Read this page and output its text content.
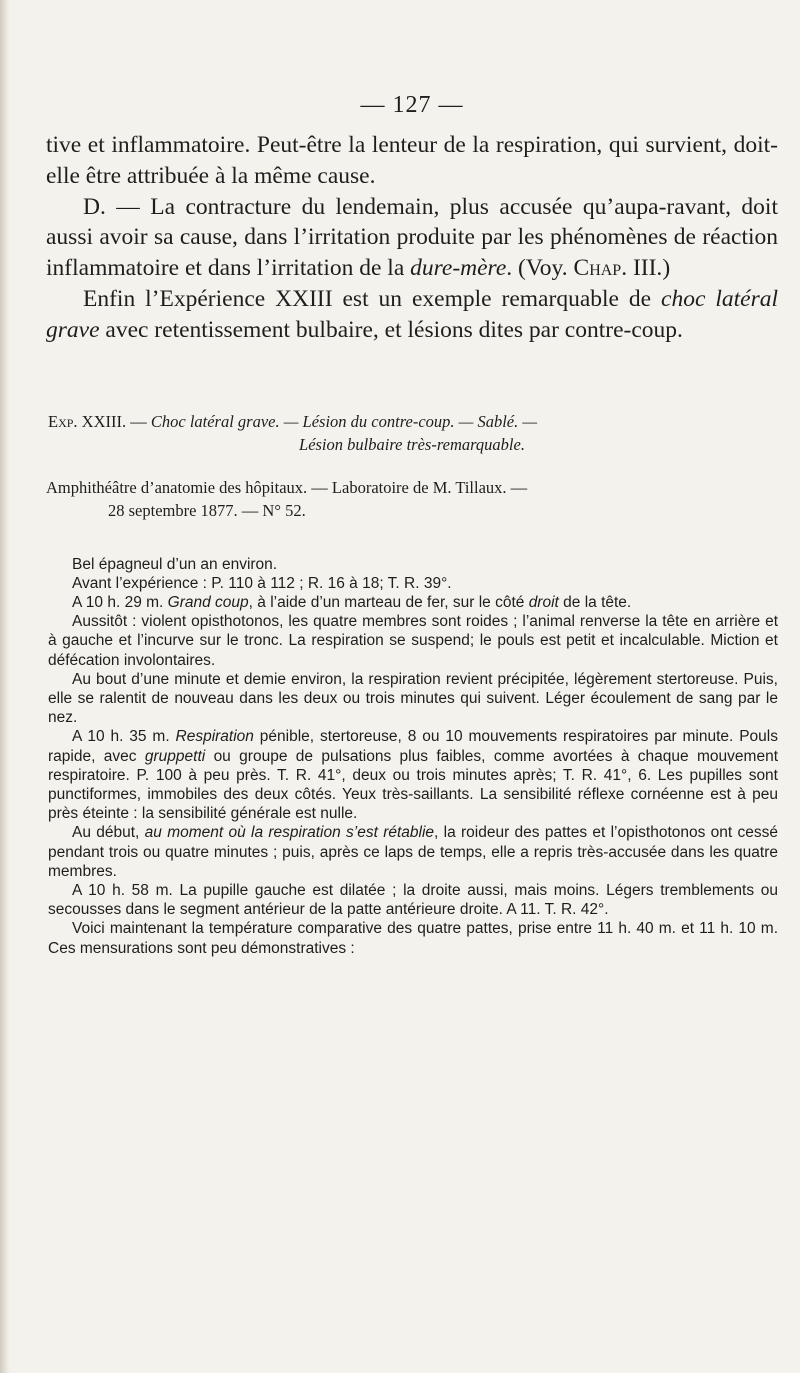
— 127 —

tive et inflammatoire. Peut-être la lenteur de la respiration, qui survient, doit-elle être attribuée à la même cause.

D. — La contracture du lendemain, plus accusée qu’aupa-ravant, doit aussi avoir sa cause, dans l’irritation produite par les phénomènes de réaction inflammatoire et dans l’irritation de la dure-mère. (Voy. Chap. III.)

Enfin l’Expérience XXIII est un exemple remarquable de choc latéral grave avec retentissement bulbaire, et lésions dites par contre-coup.

Exp. XXIII. — Choc latéral grave. — Lésion du contre-coup. — Sablé. —

Lésion bulbaire très-remarquable.

Amphithéâtre d’anatomie des hôpitaux. — Laboratoire de M. Tillaux. —

28 septembre 1877. — N° 52.

Bel épagneul d’un an environ.

Avant l’expérience : P. 110 à 112 ; R. 16 à 18; T. R. 39°.

A 10 h. 29 m. Grand coup, à l’aide d’un marteau de fer, sur le côté droit de la tête.

Aussitôt : violent opisthotonos, les quatre membres sont roides ; l’animal renverse la tête en arrière et à gauche et l’incurve sur le tronc. La respiration se suspend; le pouls est petit et incalculable. Miction et défécation involontaires.

Au bout d’une minute et demie environ, la respiration revient précipitée, légèrement stertoreuse. Puis, elle se ralentit de nouveau dans les deux ou trois minutes qui suivent. Léger écoulement de sang par le nez.

A 10 h. 35 m. Respiration pénible, stertoreuse, 8 ou 10 mouvements respiratoires par minute. Pouls rapide, avec gruppetti ou groupe de pulsations plus faibles, comme avortées à chaque mouvement respiratoire. P. 100 à peu près. T. R. 41°, deux ou trois minutes après; T. R. 41°, 6. Les pupilles sont punctiformes, immobiles des deux côtés. Yeux très-saillants. La sensibilité réflexe cornéenne est à peu près éteinte : la sensibilité générale est nulle.

Au début, au moment où la respiration s’est rétablie, la roideur des pattes et l’opisthotonos ont cessé pendant trois ou quatre minutes ; puis, après ce laps de temps, elle a repris très-accusée dans les quatre membres.

A 10 h. 58 m. La pupille gauche est dilatée ; la droite aussi, mais moins. Légers tremblements ou secousses dans le segment antérieur de la patte antérieure droite. A 11. T. R. 42°.

Voici maintenant la température comparative des quatre pattes, prise entre 11 h. 40 m. et 11 h. 10 m. Ces mensurations sont peu démonstratives :
